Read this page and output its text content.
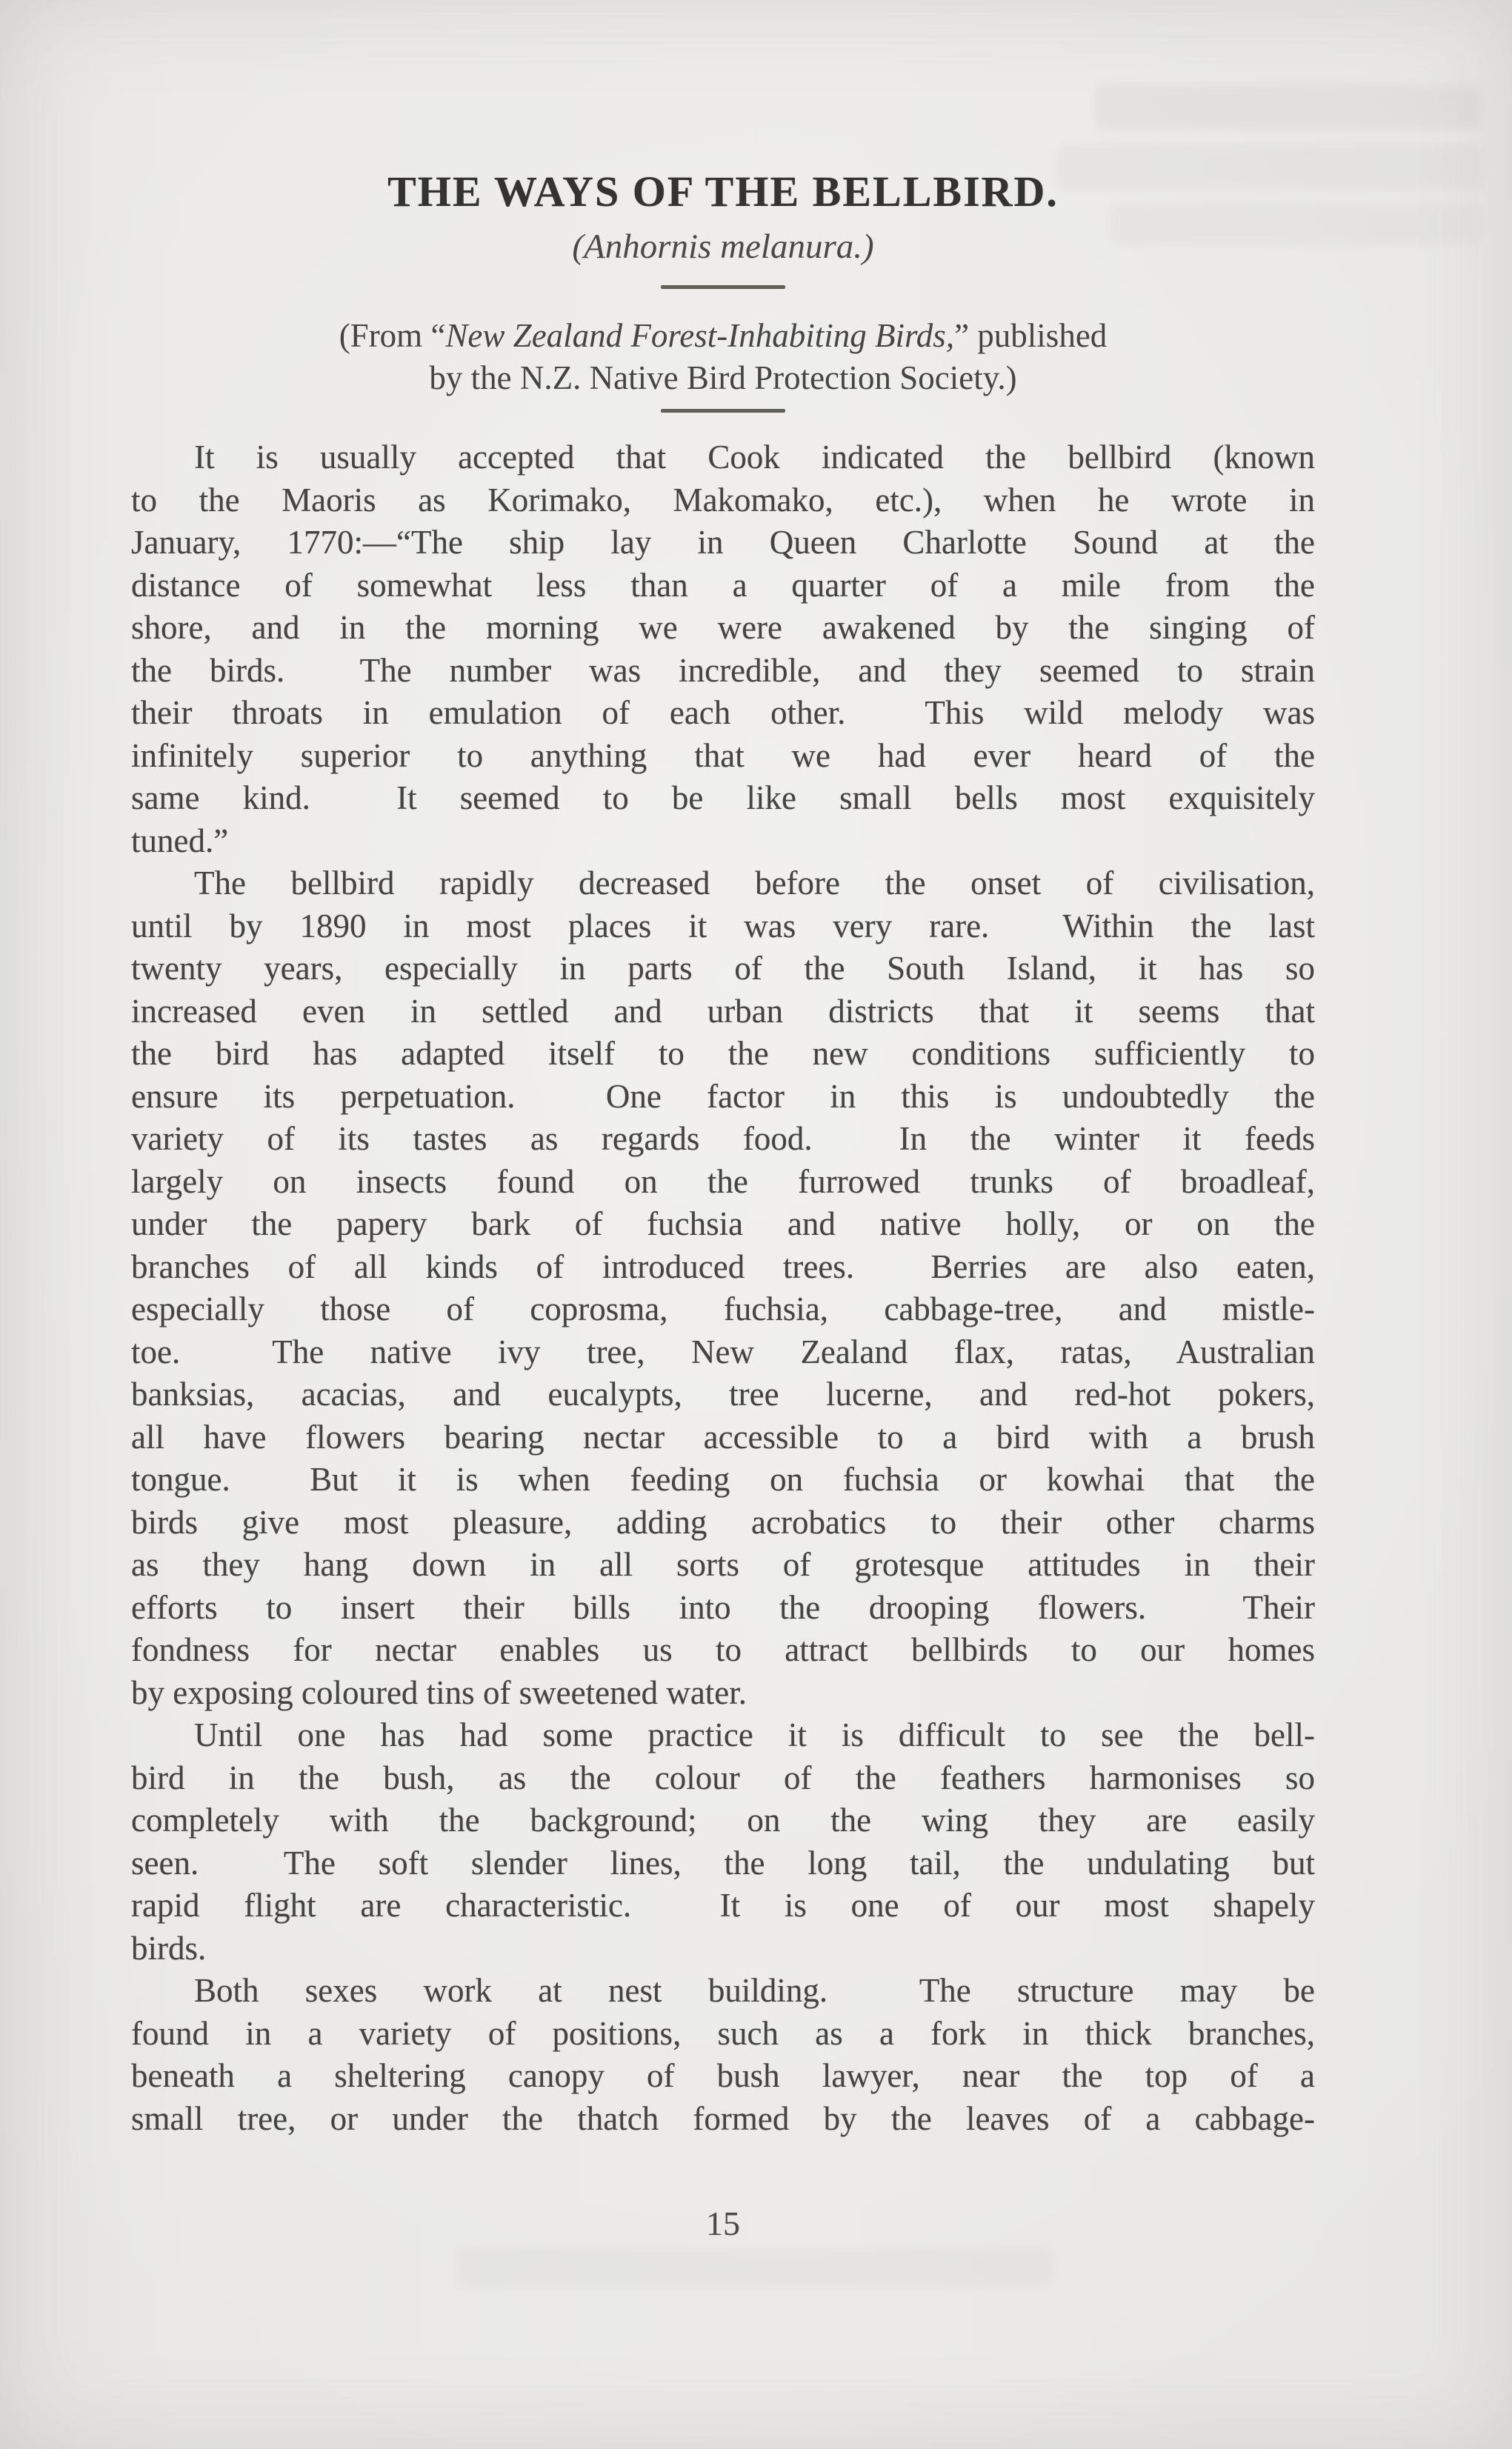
THE WAYS OF THE BELLBIRD.
(Anhornis melanura.)
(From “New Zealand Forest-Inhabiting Birds,” published
by the N.Z. Native Bird Protection Society.)
It is usually accepted that Cook indicated the bellbird (known
to the Maoris as Korimako, Makomako, etc.), when he wrote in
January, 1770:—“The ship lay in Queen Charlotte Sound at the
distance of somewhat less than a quarter of a mile from the
shore, and in the morning we were awakened by the singing of
the birds.  The number was incredible, and they seemed to strain
their throats in emulation of each other.  This wild melody was
infinitely superior to anything that we had ever heard of the
same kind.  It seemed to be like small bells most exquisitely
tuned.”
The bellbird rapidly decreased before the onset of civilisation,
until by 1890 in most places it was very rare.  Within the last
twenty years, especially in parts of the South Island, it has so
increased even in settled and urban districts that it seems that
the bird has adapted itself to the new conditions sufficiently to
ensure its perpetuation.  One factor in this is undoubtedly the
variety of its tastes as regards food.  In the winter it feeds
largely on insects found on the furrowed trunks of broadleaf,
under the papery bark of fuchsia and native holly, or on the
branches of all kinds of introduced trees.  Berries are also eaten,
especially those of coprosma, fuchsia, cabbage-tree, and mistle-
toe.  The native ivy tree, New Zealand flax, ratas, Australian
banksias, acacias, and eucalypts, tree lucerne, and red-hot pokers,
all have flowers bearing nectar accessible to a bird with a brush
tongue.  But it is when feeding on fuchsia or kowhai that the
birds give most pleasure, adding acrobatics to their other charms
as they hang down in all sorts of grotesque attitudes in their
efforts to insert their bills into the drooping flowers.  Their
fondness for nectar enables us to attract bellbirds to our homes
by exposing coloured tins of sweetened water.
Until one has had some practice it is difficult to see the bell-
bird in the bush, as the colour of the feathers harmonises so
completely with the background; on the wing they are easily
seen.  The soft slender lines, the long tail, the undulating but
rapid flight are characteristic.  It is one of our most shapely
birds.
Both sexes work at nest building.  The structure may be
found in a variety of positions, such as a fork in thick branches,
beneath a sheltering canopy of bush lawyer, near the top of a
small tree, or under the thatch formed by the leaves of a cabbage-
15
